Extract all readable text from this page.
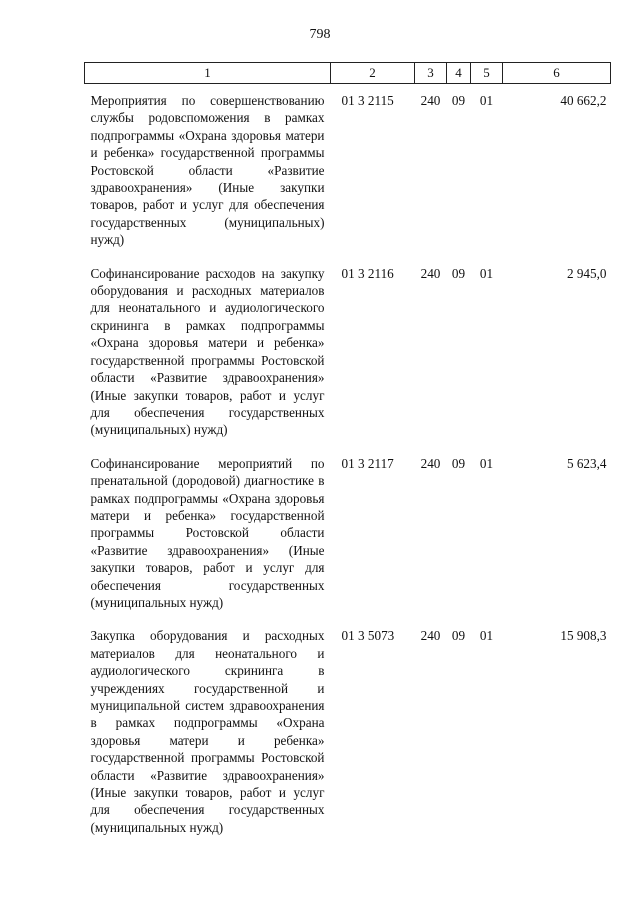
798
1	2	3	4	5	6
Мероприятия по совершенствованию службы родовспоможения в рамках подпрограммы «Охрана здоровья матери и ребенка» государственной программы Ростовской области «Развитие здравоохранения» (Иные закупки товаров, работ и услуг для обеспечения государственных (муниципальных) нужд)	01 3 2115	240	09	01	40 662,2
Софинансирование расходов на закупку оборудования и расходных материалов для неонатального и аудиологического скрининга в рамках подпрограммы «Охрана здоровья матери и ребенка» государственной программы Ростовской области «Развитие здравоохранения» (Иные закупки товаров, работ и услуг для обеспечения государственных (муниципальных) нужд)	01 3 2116	240	09	01	2 945,0
Софинансирование мероприятий по пренатальной (дородовой) диагностике в рамках подпрограммы «Охрана здоровья матери и ребенка» государственной программы Ростовской области «Развитие здравоохранения» (Иные закупки товаров, работ и услуг для обеспечения государственных (муниципальных нужд)	01 3 2117	240	09	01	5 623,4
Закупка оборудования и расходных материалов для неонатального и аудиологического скрининга в учреждениях государственной и муниципальной систем здравоохранения в рамках подпрограммы «Охрана здоровья матери и ребенка» государственной программы Ростовской области «Развитие здравоохранения» (Иные закупки товаров, работ и услуг для обеспечения государственных (муниципальных нужд)	01 3 5073	240	09	01	15 908,3
